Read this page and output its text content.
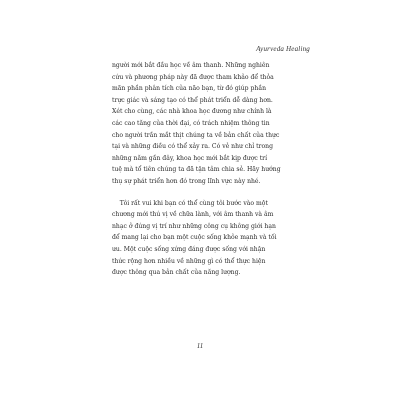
Ayurveda Healing

người mới bắt đầu học về âm thanh. Những nghiên
cứu và phương pháp này đã được tham khảo để thỏa
mãn phần phân tích của não bạn, từ đó giúp phần
trực giác và sáng tạo có thể phát triển dễ dàng hơn.
Xét cho cùng, các nhà khoa học đương như chính là
các cao tăng của thời đại, có trách nhiệm thông tin
cho người trần mắt thịt chúng ta về bản chất của thực
tại và những điều có thể xảy ra. Có vẻ như chỉ trong
những năm gần đây, khoa học mới bắt kịp được trí
tuệ mà tổ tiên chúng ta đã tận tâm chia sẻ. Hãy hướng
thụ sự phát triển hơn đó trong lĩnh vực này nhé.

Tôi rất vui khi bạn có thể cùng tôi bước vào một
chương mới thú vị về chữa lành, với âm thanh và âm
nhạc ở đúng vị trí như những công cụ không giới hạn
để mang lại cho bạn một cuộc sống khỏe mạnh và tối
ưu. Một cuộc sống xứng đáng được sống với nhận
thức rộng hơn nhiều về những gì có thể thực hiện
được thông qua bản chất của năng lượng.

11
